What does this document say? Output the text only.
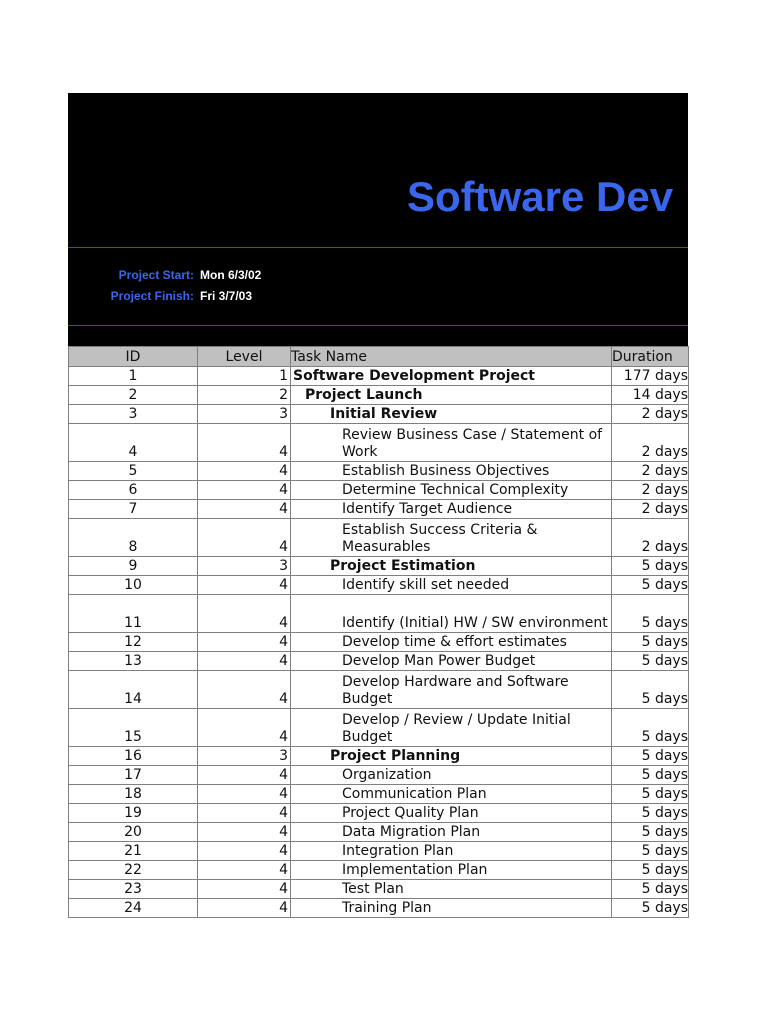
Software Dev
Project Start: Mon 6/3/02
Project Finish: Fri 3/7/03
ID	Level	Task Name	Duration
1	1	Software Development Project	177 days
2	2	Project Launch	14 days
3	3	Initial Review	2 days
4	4	Review Business Case / Statement of Work	2 days
5	4	Establish Business Objectives	2 days
6	4	Determine Technical Complexity	2 days
7	4	Identify Target Audience	2 days
8	4	Establish Success Criteria & Measurables	2 days
9	3	Project Estimation	5 days
10	4	Identify skill set needed	5 days
11	4	Identify (Initial) HW / SW environment	5 days
12	4	Develop time & effort estimates	5 days
13	4	Develop Man Power Budget	5 days
14	4	Develop Hardware and Software Budget	5 days
15	4	Develop / Review / Update Initial Budget	5 days
16	3	Project Planning	5 days
17	4	Organization	5 days
18	4	Communication Plan	5 days
19	4	Project Quality Plan	5 days
20	4	Data Migration Plan	5 days
21	4	Integration Plan	5 days
22	4	Implementation Plan	5 days
23	4	Test Plan	5 days
24	4	Training Plan	5 days
